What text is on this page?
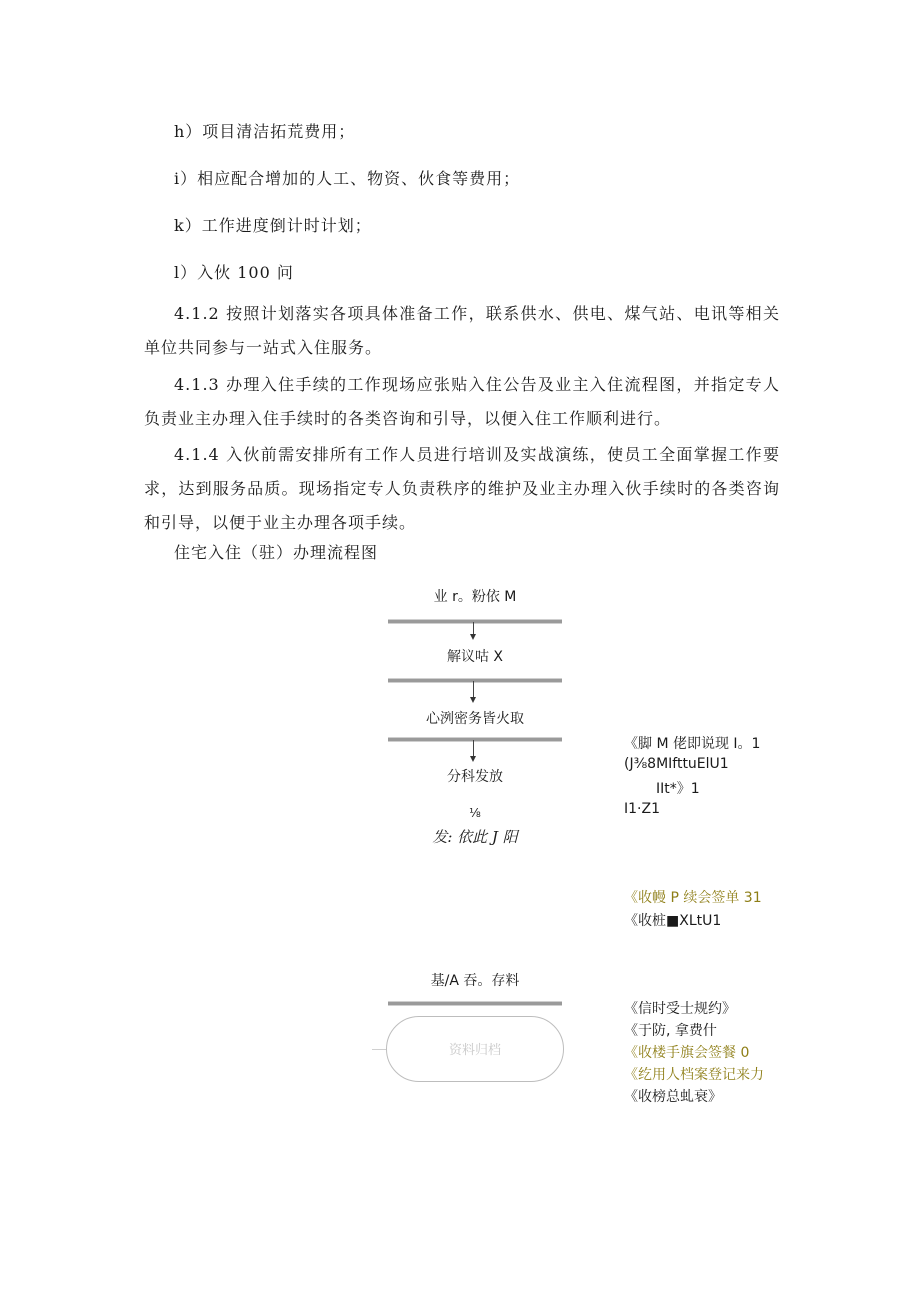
h）项目清洁拓荒费用；
i）相应配合增加的人工、物资、伙食等费用；
k）工作进度倒计时计划；
l）入伙 100 问
4.1.2 按照计划落实各项具体准备工作，联系供水、供电、煤气站、电讯等相关单位共同参与一站式入住服务。
4.1.3 办理入住手续的工作现场应张贴入住公告及业主入住流程图，并指定专人负责业主办理入住手续时的各类咨询和引导，以便入住工作顺利进行。
4.1.4 入伙前需安排所有工作人员进行培训及实战演练，使员工全面掌握工作要求，达到服务品质。现场指定专人负责秩序的维护及业主办理入伙手续时的各类咨询和引导，以便于业主办理各项手续。
住宅入住（驻）办理流程图
业 r。粉依 M
解议咕 X
心洌密务皆火取
分科发放
⅛
发: 依此 J 阳
基/A 吞。存料
资料归档
《脚 M 佬即说现 I。1
(J⅜8MIfttuElU1
IIt*》1
I1·Z1
《收幔 P 续会签单 31
《收桩■XLtU1
《信时受士规约》
《于防, 拿费什
《收楼手旗会签餐 0
《纥用人档案登记来力
《收榜总虬衰》
